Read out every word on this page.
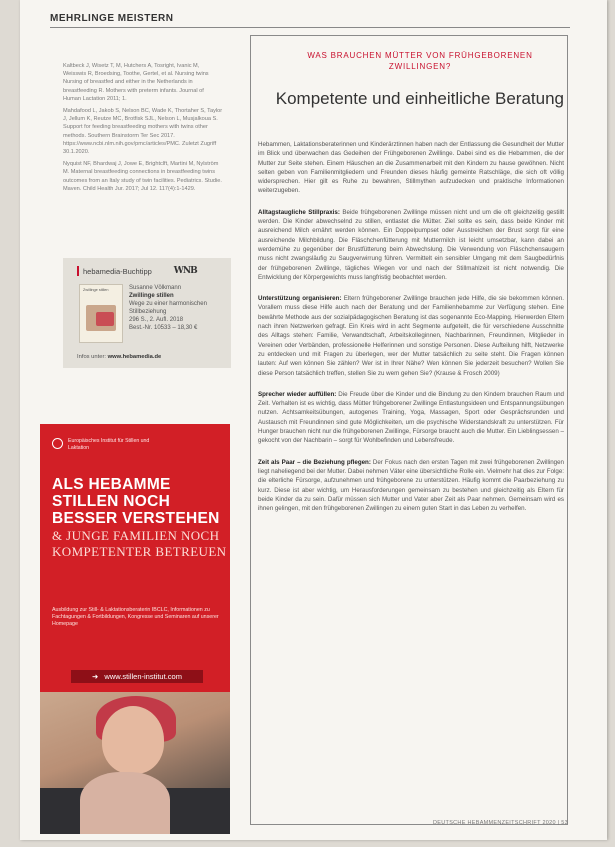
MEHRLINGE MEISTERN

Kaltbeck J, Wisetz T, M, Hutchers A, Tosright, Ivanic M, Weisswis R, Broedsing, Toothe, Gertel, et al. Nursing twins Nursing of breastfed and either in the Netherlands in breastfeeding R. Mothers with preterm infants. Journal of Human Lactation 2011; 1.

Mahdafood L, Jakob S, Nelson BC, Wade K, Thortaher S, Taylor J, Jellum K, Reutze MC, Brotfisk SJL, Nelson L, Musjalkoua S. Support for feeding breastfeeding mothers with twins other methods. Southern Brainstorm Ter Sec 2017. https://www.ncbi.nlm.nih.gov/pmc/articles/PMC. Zuletzt Zugriff 30.1.2020.

Nyquist NF, Bhardwaj J, Jowe E, Brightclft, Martini M, Nylström M. Maternal breastfeeding connections in breastfeeding twins outcomes from an Italy study of twin facilities. Pediatrics. Studie. Maven. Child Health Jur. 2017; Jul 12. 117(4):1-1429.

hebamedia-Buchtipp WNB
Zwillinge stillen	Susanne Völkmann
Zwillinge stillen
Wege zu einer harmonischen Stillbeziehung
296 S., 2. Aufl. 2018
Best.-Nr. 10533 – 18,30 €
Infos unter: www.hebamedia.de
Europäisches Institut für Stillen und Laktation
ALS HEBAMME STILLEN NOCH BESSER VERSTEHEN
& JUNGE FAMILIEN NOCH KOMPETENTER BETREUEN
Ausbildung zur Still- & Laktationsberaterin IBCLC, Informationen zu Fachtagungen & Fortbildungen, Kongresse und Seminaren auf unserer Homepage
➜ www.stillen-institut.com
WAS BRAUCHEN MÜTTER VON FRÜHGEBORENEN ZWILLINGEN?
Kompetente und einheitliche Beratung

Hebammen, Laktationsberaterinnen und Kinderärztinnen haben nach der Entlassung die Gesundheit der Mutter im Blick und überwachen das Gedeihen der Frühgeborenen Zwillinge. Dabei sind es die Hebammen, die der Mutter zur Seite stehen. Einem Häuschen an die Zusammenarbeit mit den Kindern zu hause gewöhnen. Nicht selten geben von Familienmitgliedern und Freunden dieses häufig gemeinte Ratschläge, die sich oft völlig widersprechen. Hier gilt es Ruhe zu bewahren, Stillmythen aufzudecken und praktische Informationen weiterzugeben.

Alltagstaugliche Stillpraxis: Beide frühgeborenen Zwillinge müssen nicht und um die oft gleichzeitig gestillt werden. Die Kinder abwechselnd zu stillen, entlastet die Mütter. Ziel sollte es sein, dass beide Kinder mit ausreichend Milch ernährt werden können. Ein Doppelpumpset oder Ausstreichen der Brust sorgt für eine ausreichende Milchbildung. Die Fläschchenfütterung mit Muttermilch ist leicht umsetzbar, kann dabei an werdemühe zu gegenüber der Brustfütterung beim Abwechslung. Die Verwendung von Fläschchensaugern muss nicht zwangsläufig zu Saugverwirrung führen. Vermittelt ein sensibler Umgang mit dem Saugbedürfnis der frühgeborenen Zwillinge, tägliches Wiegen vor und nach der Stillmahlzeit ist nicht notwendig. Die Entwicklung der Körpergewichts muss langfristig beobachtet werden.

Unterstützung organisieren: Eltern frühgeborener Zwillinge brauchen jede Hilfe, die sie bekommen können. Vorallem muss diese Hilfe auch nach der Beratung und der Familienhebamme zur Verfügung stehen. Eine bewährte Methode aus der sozialpädagogischen Beratung ist das sogenannte Eco-Mapping. Hierwerden Eltern nach ihren Netzwerken gefragt. Ein Kreis wird in acht Segmente aufgeteilt, die für verschiedene Ausschnitte des Alltags stehen: Familie, Verwandtschaft, Arbeitskolleginnen, Nachbarinnen, Freundinnen, Mitglieder in Vereinen oder Verbänden, professionelle Helferinnen und sonstige Personen. Diese Aufteilung hilft, Netzwerke zu entdecken und mit Fragen zu überlegen, wer der Mutter tatsächlich zu seite steht. Die Fragen können lauten: Auf wen können Sie zählen? Wer ist in Ihrer Nähe? Wen können Sie jederzeit besuchen? Wollen Sie diese Person tatsächlich treffen, stellen Sie zu wem gehen Sie? (Krause & Frosch 2009)

Sprecher wieder auffüllen: Die Freude über die Kinder und die Bindung zu den Kindern brauchen Raum und Zeit. Verhalten ist es wichtig, dass Mütter frühgeborener Zwillinge Entlastungsideen und Entspannungsübungen nutzen. Achtsamkeitsübungen, autogenes Training, Yoga, Massagen, Sport oder Gesprächsrunden und Austausch mit Freundinnen sind gute Möglichkeiten, um die psychische Widerstandskraft zu unterstützen. Für Hunger brauchen nicht nur die frühgeborenen Zwillinge, Fürsorge braucht auch die Mutter. Ein Lieblingsessen – gekocht von der Nachbarin – sorgt für Wohlbefinden und Lebensfreude.

Zeit als Paar – die Beziehung pflegen: Der Fokus nach den ersten Tagen mit zwei frühgeborenen Zwillingen liegt naheliegend bei der Mutter. Dabei nehmen Väter eine übersichtliche Rolle ein. Vielmehr hat dies zur Folge: die elterliche Fürsorge, aufzunehmen und frühgeborene zu unterstützen. Häufig kommt die Paarbeziehung zu kurz. Diese ist aber wichtig, um Herausforderungen gemeinsam zu bestehen und gleichzeitig als Eltern für beide Kinder da zu sein. Dafür müssen sich Mutter und Vater aber Zeit als Paar nehmen. Gemeinsam wird es ihnen gelingen, mit den frühgeborenen Zwillingen zu einem guten Start in das Leben zu verhelfen.

DEUTSCHE HEBAMMENZEITSCHRIFT 2020 | 53
